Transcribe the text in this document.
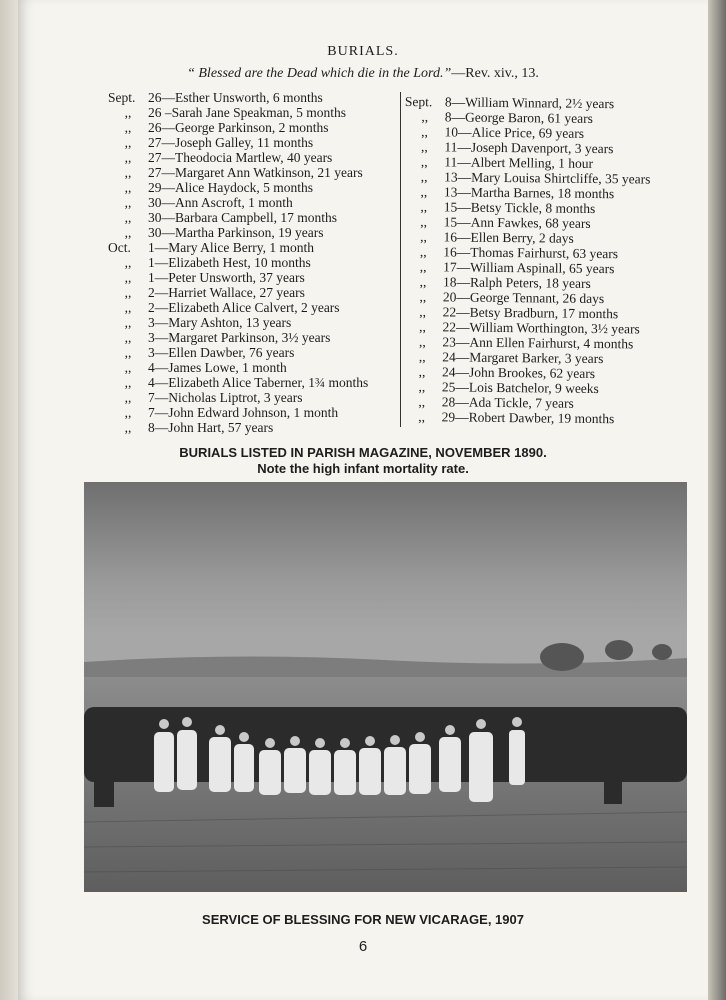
BURIALS.
“ Blessed are the Dead which die in the Lord.”—Rev. xiv., 13.
Sept. 26—Esther Unsworth, 6 months
,,	26 –Sarah Jane Speakman, 5 months
,,	26—George Parkinson, 2 months
,,	27—Joseph Galley, 11 months
,,	27—Theodocia Martlew, 40 years
,,	27—Margaret Ann Watkinson, 21 years
,,	29—Alice Haydock, 5 months
,,	30—Ann Ascroft, 1 month
,,	30—Barbara Campbell, 17 months
,,	30—Martha Parkinson, 19 years
Oct.	1—Mary Alice Berry, 1 month
,,	1—Elizabeth Hest, 10 months
,,	1—Peter Unsworth, 37 years
,,	2—Harriet Wallace, 27 years
,,	2—Elizabeth Alice Calvert, 2 years
,,	3—Mary Ashton, 13 years
,,	3—Margaret Parkinson, 3½ years
,,	3—Ellen Dawber, 76 years
,,	4—James Lowe, 1 month
,,	4—Elizabeth Alice Taberner, 1¾ months
,,	7—Nicholas Liptrot, 3 years
,,	7—John Edward Johnson, 1 month
,,	8—John Hart, 57 years
Sept. 8—William Winnard, 2½ years
,,	8—George Baron, 61 years
,,	10—Alice Price, 69 years
,,	11—Joseph Davenport, 3 years
,,	11—Albert Melling, 1 hour
,,	13—Mary Louisa Shirtcliffe, 35 years
,,	13—Martha Barnes, 18 months
,,	15—Betsy Tickle, 8 months
,,	15—Ann Fawkes, 68 years
,,	16—Ellen Berry, 2 days
,,	16—Thomas Fairhurst, 63 years
,,	17—William Aspinall, 65 years
,,	18—Ralph Peters, 18 years
,,	20—George Tennant, 26 days
,,	22—Betsy Bradburn, 17 months
,,	22—William Worthington, 3½ years
,,	23—Ann Ellen Fairhurst, 4 months
,,	24—Margaret Barker, 3 years
,,	24—John Brookes, 62 years
,,	25—Lois Batchelor, 9 weeks
,,	28—Ada Tickle, 7 years
,,	29—Robert Dawber, 19 months
BURIALS LISTED IN PARISH MAGAZINE, NOVEMBER 1890.
Note the high infant mortality rate.
SERVICE OF BLESSING FOR NEW VICARAGE, 1907
6
